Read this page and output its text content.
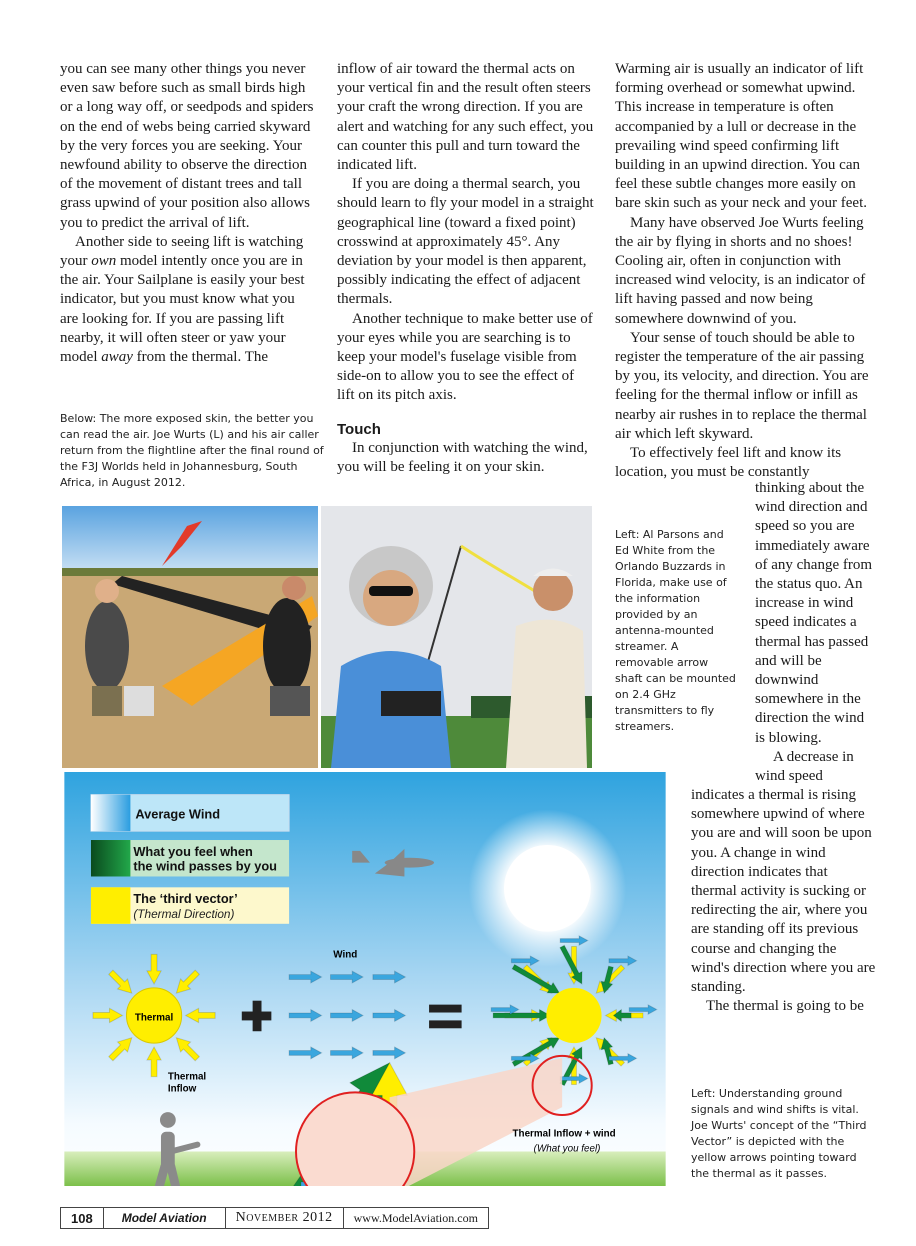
you can see many other things you never even saw before such as small birds high or a long way off, or seedpods and spiders on the end of webs being carried skyward by the very forces you are seeking. Your newfound ability to observe the direction of the movement of distant trees and tall grass upwind of your position also allows you to predict the arrival of lift.

Another side to seeing lift is watching your own model intently once you are in the air. Your Sailplane is easily your best indicator, but you must know what you are looking for. If you are passing lift nearby, it will often steer or yaw your model away from the thermal. The

inflow of air toward the thermal acts on your vertical fin and the result often steers your craft the wrong direction. If you are alert and watching for any such effect, you can counter this pull and turn toward the indicated lift.

If you are doing a thermal search, you should learn to fly your model in a straight geographical line (toward a fixed point) crosswind at approximately 45°. Any deviation by your model is then apparent, possibly indicating the effect of adjacent thermals.

Another technique to make better use of your eyes while you are searching is to keep your model's fuselage visible from side-on to allow you to see the effect of lift on its pitch axis.

Touch

In conjunction with watching the wind, you will be feeling it on your skin.

Warming air is usually an indicator of lift forming overhead or somewhat upwind. This increase in temperature is often accompanied by a lull or decrease in the prevailing wind speed confirming lift building in an upwind direction. You can feel these subtle changes more easily on bare skin such as your neck and your feet.

Many have observed Joe Wurts feeling the air by flying in shorts and no shoes! Cooling air, often in conjunction with increased wind velocity, is an indicator of lift having passed and now being somewhere downwind of you.

Your sense of touch should be able to register the temperature of the air passing by you, its velocity, and direction. You are feeling for the thermal inflow or infill as nearby air rushes in to replace the thermal air which left skyward.

To effectively feel lift and know its location, you must be constantly

thinking about the wind direction and speed so you are immediately aware of any change from the status quo. An increase in wind speed indicates a thermal has passed and will be downwind somewhere in the direction the wind is blowing.

A decrease in wind speed

indicates a thermal is rising somewhere upwind of where you are and will soon be upon you. A change in wind direction indicates that thermal activity is sucking or redirecting the air, where you are standing off its previous course and changing the wind's direction where you are standing.

The thermal is going to be

Below: The more exposed skin, the better you can read the air. Joe Wurts (L) and his air caller return from the flightline after the final round of the F3J Worlds held in Johannesburg, South Africa, in August 2012.
Left: Al Parsons and Ed White from the Orlando Buzzards in Florida, make use of the information provided by an antenna-mounted streamer. A removable arrow shaft can be mounted on 2.4 GHz transmitters to fly streamers.
Left: Understanding ground signals and wind shifts is vital. Joe Wurts' concept of the “Third Vector” is depicted with the yellow arrows pointing toward the thermal as it passes.
Average Wind
What you feel when
the wind passes by you
The ‘third vector’
(Thermal Direction)
Thermal
Thermal
Inflow
Wind
Thermal Inflow + wind
(What you feel)
108	Model Aviation	November 2012	www.ModelAviation.com
